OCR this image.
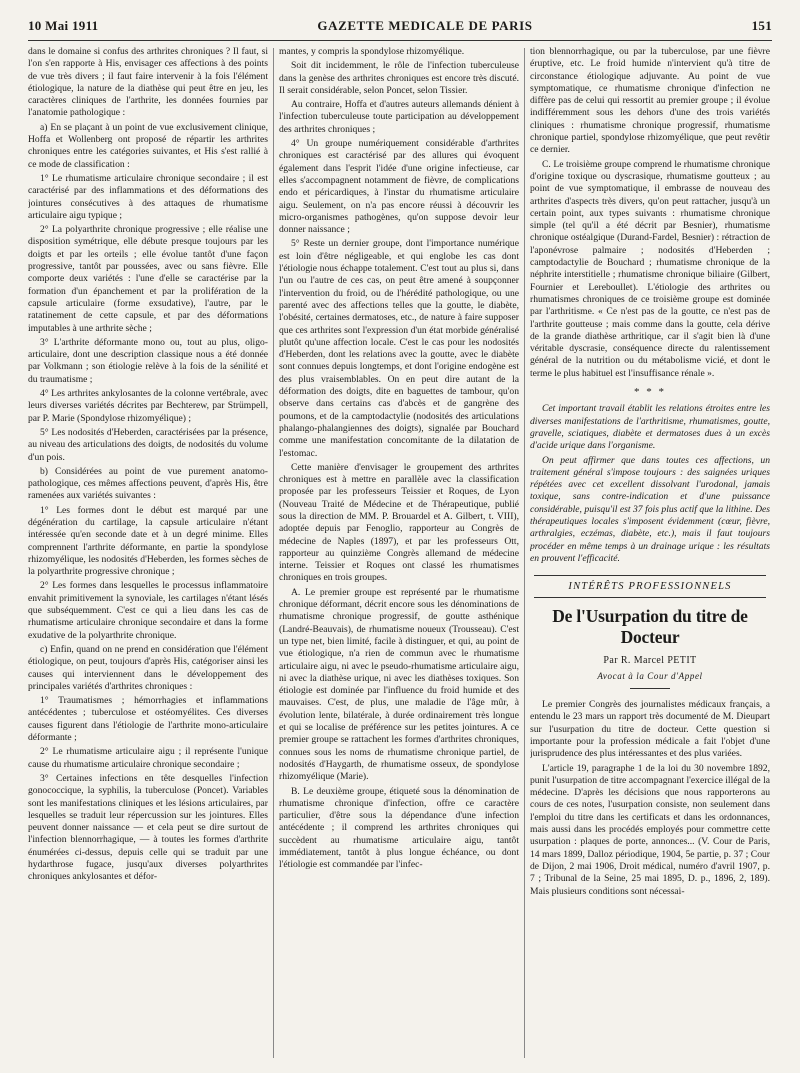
10 Mai 1911	GAZETTE MEDICALE DE PARIS	151

dans le domaine si confus des arthrites chroniques ? Il faut, si l'on s'en rapporte à His, envisager ces affections à des points de vue très divers ; il faut faire intervenir à la fois l'élément étiologique, la nature de la diathèse qui peut être en jeu, les caractères cliniques de l'arthrite, les données fournies par l'anatomie pathologique :

a) En se plaçant à un point de vue exclusivement clinique, Hoffa et Wollenberg ont proposé de répartir les arthrites chroniques entre les catégories suivantes, et His s'est rallié à ce mode de classification :

1° Le rhumatisme articulaire chronique secondaire ; il est caractérisé par des inflammations et des déformations des jointures consécutives à des attaques de rhumatisme articulaire aigu typique ;

2° La polyarthrite chronique progressive ; elle réalise une disposition symétrique, elle débute presque toujours par les doigts et par les orteils ; elle évolue tantôt d'une façon progressive, tantôt par poussées, avec ou sans fièvre. Elle comporte deux variétés : l'une d'elle se caractérise par la formation d'un épanchement et par la prolifération de la capsule articulaire (forme exsudative), l'autre, par le ratatinement de cette capsule, et par des déformations imputables à une arthrite sèche ;

3° L'arthrite déformante mono ou, tout au plus, oligo-articulaire, dont une description classique nous a été donnée par Volkmann ; son étiologie relève à la fois de la sénilité et du traumatisme ;

4° Les arthrites ankylosantes de la colonne vertébrale, avec leurs diverses variétés décrites par Bechterew, par Strümpell, par P. Marie (Spondylose rhizomyélique) ;

5° Les nodosités d'Heberden, caractérisées par la présence, au niveau des articulations des doigts, de nodosités du volume d'un pois.

b) Considérées au point de vue purement anatomo-pathologique, ces mêmes affections peuvent, d'après His, être ramenées aux variétés suivantes :

1° Les formes dont le début est marqué par une dégénération du cartilage, la capsule articulaire n'étant intéressée qu'en seconde date et à un degré minime. Elles comprennent l'arthrite déformante, en partie la spondylose rhizomyélique, les nodosités d'Heberden, les formes sèches de la polyarthrite progressive chronique ;

2° Les formes dans lesquelles le processus inflammatoire envahit primitivement la synoviale, les cartilages n'étant lésés que subséquemment. C'est ce qui a lieu dans les cas de rhumatisme articulaire chronique secondaire et dans la forme exudative de la polyarthrite chronique.

c) Enfin, quand on ne prend en considération que l'élément étiologique, on peut, toujours d'après His, catégoriser ainsi les causes qui interviennent dans le développement des principales variétés d'arthrites chroniques :

1° Traumatismes ; hémorrhagies et inflammations antécédentes ; tuberculose et ostéomyélites. Ces diverses causes figurent dans l'étiologie de l'arthrite mono-articulaire déformante ;

2° Le rhumatisme articulaire aigu ; il représente l'unique cause du rhumatisme articulaire chronique secondaire ;

3° Certaines infections en tête desquelles l'infection gonococcique, la syphilis, la tuberculose (Poncet). Variables sont les manifestations cliniques et les lésions articulaires, par lesquelles se traduit leur répercussion sur les jointures. Elles peuvent donner naissance — et cela peut se dire surtout de l'infection blennorrhagique, — à toutes les formes d'arthrite énumérées ci-dessus, depuis celle qui se traduit par une hydarthrose fugace, jusqu'aux diverses polyarthrites chroniques ankylosantes et défor-

mantes, y compris la spondylose rhizomyélique.

Soit dit incidemment, le rôle de l'infection tuberculeuse dans la genèse des arthrites chroniques est encore très discuté. Il serait considérable, selon Poncet, selon Tissier.

Au contraire, Hoffa et d'autres auteurs allemands dénient à l'infection tuberculeuse toute participation au développement des arthrites chroniques ;

4° Un groupe numériquement considérable d'arthrites chroniques est caractérisé par des allures qui évoquent également dans l'esprit l'idée d'une origine infectieuse, car elles s'accompagnent notamment de fièvre, de complications endo et péricardiques, à l'instar du rhumatisme articulaire aigu. Seulement, on n'a pas encore réussi à découvrir les micro-organismes pathogènes, qu'on suppose devoir leur donner naissance ;

5° Reste un dernier groupe, dont l'importance numérique est loin d'être négligeable, et qui englobe les cas dont l'étiologie nous échappe totalement. C'est tout au plus si, dans l'un ou l'autre de ces cas, on peut être amené à soupçonner l'intervention du froid, ou de l'hérédité pathologique, ou une parenté avec des affections telles que la goutte, le diabète, l'obésité, certaines dermatoses, etc., de nature à faire supposer que ces arthrites sont l'expression d'un état morbide généralisé plutôt qu'une affection locale. C'est le cas pour les nodosités d'Heberden, dont les relations avec la goutte, avec le diabète sont connues depuis longtemps, et dont l'origine endogène est des plus vraisemblables. On en peut dire autant de la déformation des doigts, dite en baguettes de tambour, qu'on observe dans certains cas d'abcès et de gangrène des poumons, et de la camptodactylie (nodosités des articulations phalango-phalangiennes des doigts), signalée par Bouchard comme une manifestation concomitante de la dilatation de l'estomac.

Cette manière d'envisager le groupement des arthrites chroniques est à mettre en parallèle avec la classification proposée par les professeurs Teissier et Roques, de Lyon (Nouveau Traité de Médecine et de Thérapeutique, publié sous la direction de MM. P. Brouardel et A. Gilbert, t. VIII), adoptée depuis par Fenoglio, rapporteur au Congrès de médecine de Naples (1897), et par les professeurs Ott, rapporteur au quinzième Congrès allemand de médecine interne. Teissier et Roques ont classé les rhumatismes chroniques en trois groupes.

A. Le premier groupe est représenté par le rhumatisme chronique déformant, décrit encore sous les dénominations de rhumatisme chronique progressif, de goutte asthénique (Landré-Beauvais), de rhumatisme noueux (Trousseau). C'est un type net, bien limité, facile à distinguer, et qui, au point de vue étiologique, n'a rien de commun avec le rhumatisme articulaire aigu, ni avec le pseudo-rhumatisme articulaire aigu, ni avec la diathèse urique, ni avec les diathèses toxiques. Son étiologie est dominée par l'influence du froid humide et des mauvaises. C'est, de plus, une maladie de l'âge mûr, à évolution lente, bilatérale, à durée ordinairement très longue et qui se localise de préférence sur les petites jointures. A ce premier groupe se rattachent les formes d'arthrites chroniques, connues sous les noms de rhumatisme chronique partiel, de nodosités d'Haygarth, de rhumatisme osseux, de spondylose rhizomyélique (Marie).

B. Le deuxième groupe, étiqueté sous la dénomination de rhumatisme chronique d'infection, offre ce caractère particulier, d'être sous la dépendance d'une infection antécédente ; il comprend les arthrites chroniques qui succèdent au rhumatisme articulaire aigu, tantôt immédiatement, tantôt à plus longue échéance, ou dont l'étiologie est commandée par l'infec-

tion blennorrhagique, ou par la tuberculose, par une fièvre éruptive, etc. Le froid humide n'intervient qu'à titre de circonstance étiologique adjuvante. Au point de vue symptomatique, ce rhumatisme chronique d'infection ne diffère pas de celui qui ressortit au premier groupe ; il évolue indifféremment sous les dehors d'une des trois variétés cliniques : rhumatisme chronique progressif, rhumatisme chronique partiel, spondylose rhizomyélique, que peut revêtir ce dernier.

C. Le troisième groupe comprend le rhumatisme chronique d'origine toxique ou dyscrasique, rhumatisme goutteux ; au point de vue symptomatique, il embrasse de nouveau des arthrites d'aspects très divers, qu'on peut rattacher, jusqu'à un certain point, aux types suivants : rhumatisme chronique simple (tel qu'il a été décrit par Besnier), rhumatisme chronique ostéalgique (Durand-Fardel, Besnier) : rétraction de l'aponévrose palmaire ; nodosités d'Heberden ; camptodactylie de Bouchard ; rhumatisme chronique de la néphrite interstitielle ; rhumatisme chronique biliaire (Gilbert, Fournier et Lereboullet). L'étiologie des arthrites ou rhumatismes chroniques de ce troisième groupe est dominée par l'arthritisme. « Ce n'est pas de la goutte, ce n'est pas de l'arthrite goutteuse ; mais comme dans la goutte, cela dérive de la grande diathèse arthritique, car il s'agit bien là d'une véritable dyscrasie, conséquence directe du ralentissement général de la nutrition ou du métabolisme vicié, et dont le terme le plus habituel est l'insuffisance rénale ».

* * *

Cet important travail établit les relations étroites entre les diverses manifestations de l'arthritisme, rhumatismes, goutte, gravelle, sciatiques, diabète et dermatoses dues à un excès d'acide urique dans l'organisme.

On peut affirmer que dans toutes ces affections, un traitement général s'impose toujours : des saignées uriques répétées avec cet excellent dissolvant l'urodonal, jamais toxique, sans contre-indication et d'une puissance considérable, puisqu'il est 37 fois plus actif que la lithine. Des thérapeutiques locales s'imposent évidemment (cœur, fièvre, arthralgies, eczémas, diabète, etc.), mais il faut toujours procéder en même temps à un drainage urique : les résultats en prouvent l'efficacité.

INTÉRÊTS PROFESSIONNELS
De l'Usurpation du titre de Docteur
Par R. Marcel PETIT
Avocat à la Cour d'Appel

Le premier Congrès des journalistes médicaux français, a entendu le 23 mars un rapport très documenté de M. Dieupart sur l'usurpation du titre de docteur. Cette question si importante pour la profession médicale a fait l'objet d'une jurisprudence des plus intéressantes et des plus variées.

L'article 19, paragraphe 1 de la loi du 30 novembre 1892, punit l'usurpation de titre accompagnant l'exercice illégal de la médecine. D'après les décisions que nous rapporterons au cours de ces notes, l'usurpation consiste, non seulement dans l'emploi du titre dans les certificats et dans les ordonnances, mais aussi dans les procédés employés pour commettre cette usurpation : plaques de porte, annonces... (V. Cour de Paris, 14 mars 1899, Dalloz périodique, 1904, 5e partie, p. 37 ; Cour de Dijon, 2 mai 1906, Droit médical, numéro d'avril 1907, p. 7 ; Tribunal de la Seine, 25 mai 1895, D. p., 1896, 2, 189). Mais plusieurs conditions sont nécessai-
